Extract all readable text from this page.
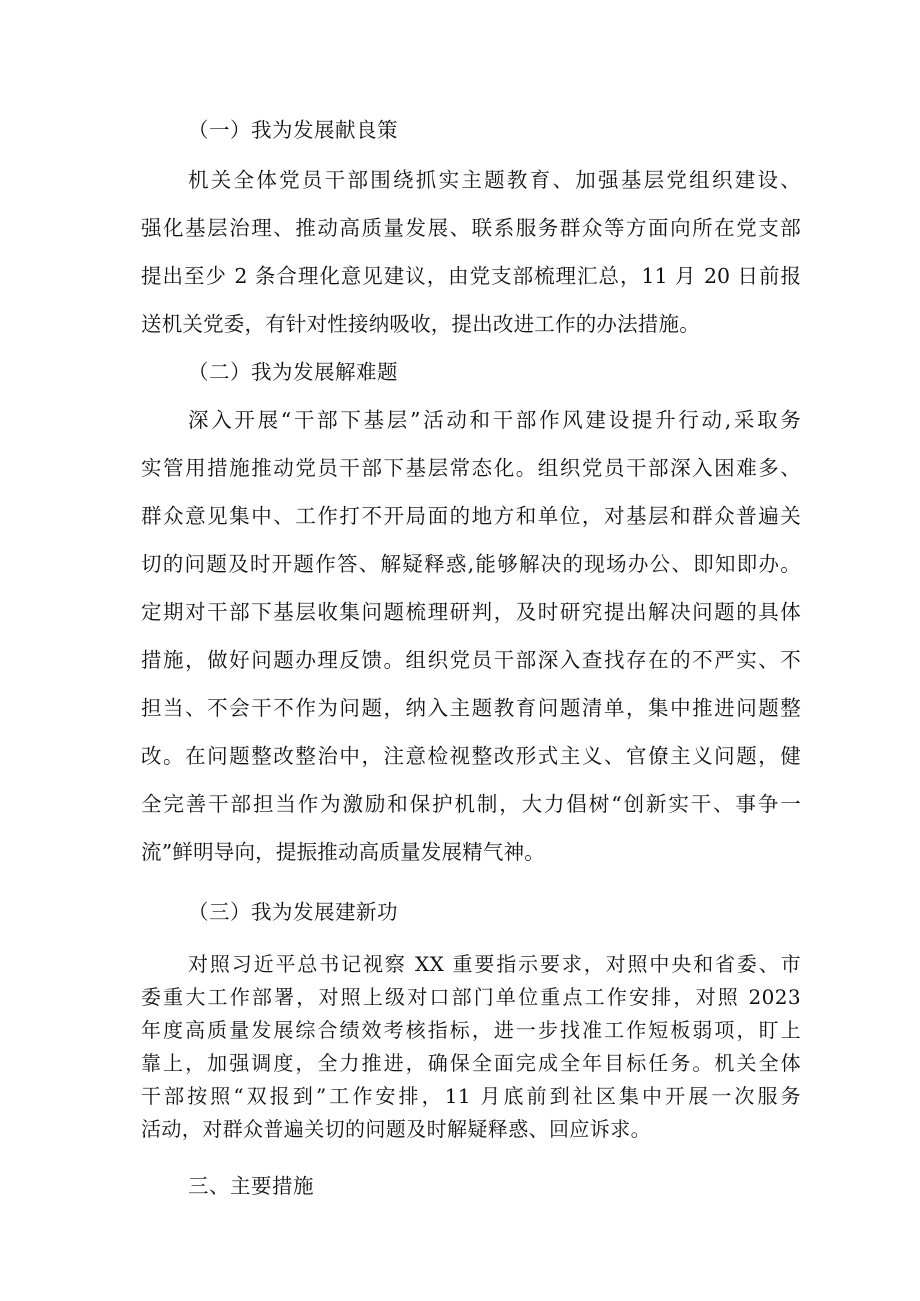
（一）我为发展献良策
机关全体党员干部围绕抓实主题教育、加强基层党组织建设、
强化基层治理、推动高质量发展、联系服务群众等方面向所在党支部
提出至少 2 条合理化意见建议，由党支部梳理汇总，11 月 20 日前报
送机关党委，有针对性接纳吸收，提出改进工作的办法措施。
（二）我为发展解难题
深入开展“干部下基层”活动和干部作风建设提升行动,采取务
实管用措施推动党员干部下基层常态化。组织党员干部深入困难多、
群众意见集中、工作打不开局面的地方和单位，对基层和群众普遍关
切的问题及时开题作答、解疑释惑,能够解决的现场办公、即知即办。
定期对干部下基层收集问题梳理研判，及时研究提出解决问题的具体
措施，做好问题办理反馈。组织党员干部深入查找存在的不严实、不
担当、不会干不作为问题，纳入主题教育问题清单，集中推进问题整
改。在问题整改整治中，注意检视整改形式主义、官僚主义问题，健
全完善干部担当作为激励和保护机制，大力倡树“创新实干、事争一
流”鲜明导向，提振推动高质量发展精气神。
（三）我为发展建新功
对照习近平总书记视察 XX 重要指示要求，对照中央和省委、市
委重大工作部署，对照上级对口部门单位重点工作安排，对照 2023
年度高质量发展综合绩效考核指标，进一步找准工作短板弱项，盯上
靠上，加强调度，全力推进，确保全面完成全年目标任务。机关全体
干部按照“双报到”工作安排，11 月底前到社区集中开展一次服务
活动，对群众普遍关切的问题及时解疑释惑、回应诉求。
三、主要措施
